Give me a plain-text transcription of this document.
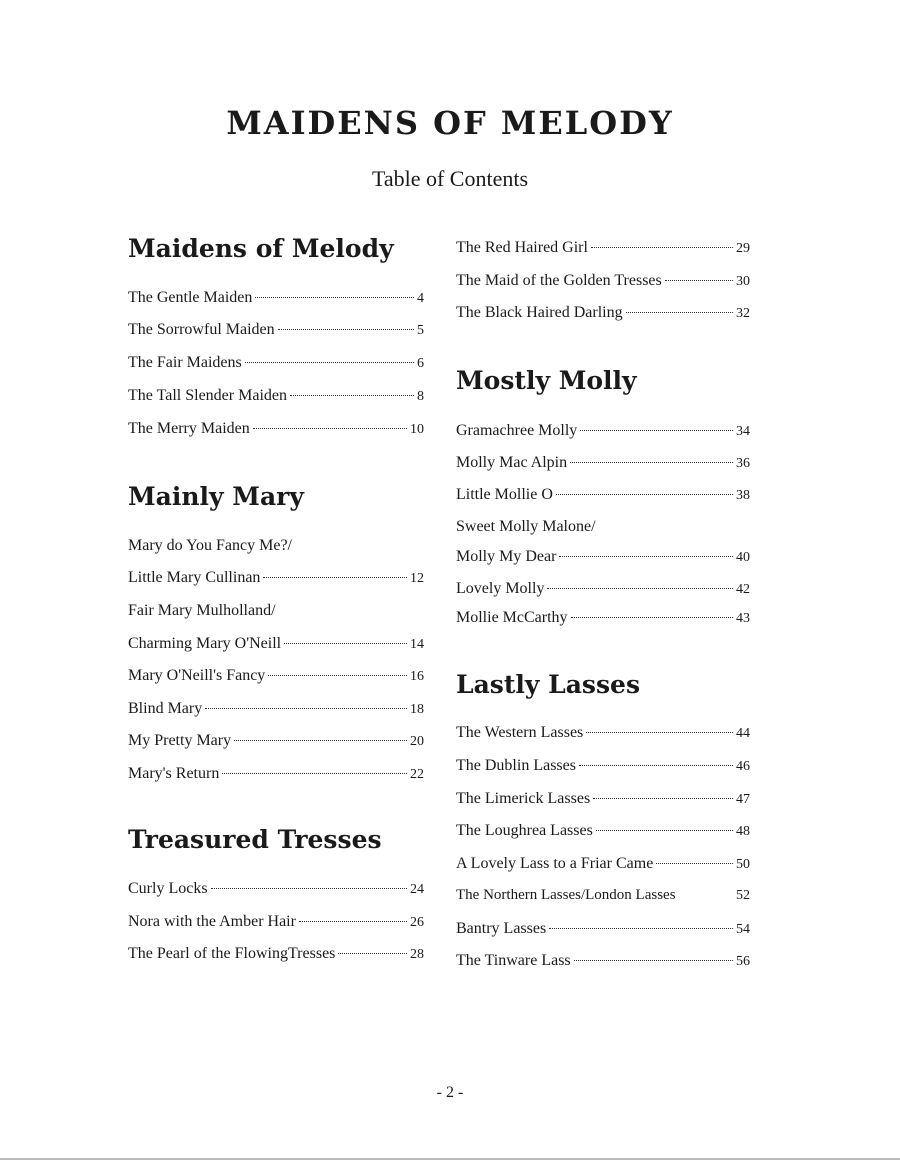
MAIDENS OF MELODY
Table of Contents
Maidens of Melody
The Gentle Maiden	4
The Sorrowful Maiden	5
The Fair Maidens	6
The Tall Slender Maiden	8
The Merry Maiden	10
Mainly Mary
Mary do You Fancy Me?/
Little Mary Cullinan	12
Fair Mary Mulholland/
Charming Mary O'Neill	14
Mary O'Neill's Fancy	16
Blind Mary	18
My Pretty Mary	20
Mary's Return	22
Treasured Tresses
Curly Locks	24
Nora with the Amber Hair	26
The Pearl of the FlowingTresses	28
The Red Haired Girl	29
The Maid of the Golden Tresses	30
The Black Haired Darling	32
Mostly Molly
Gramachree Molly	34
Molly Mac Alpin	36
Little Mollie O	38
Sweet Molly Malone/
Molly My Dear	40
Lovely Molly	42
Mollie McCarthy	43
Lastly Lasses
The Western Lasses	44
The Dublin Lasses	46
The Limerick Lasses	47
The Loughrea Lasses	48
A Lovely Lass to a Friar Came	50
The Northern Lasses/London Lasses	52
Bantry Lasses	54
The Tinware Lass	56
- 2 -
